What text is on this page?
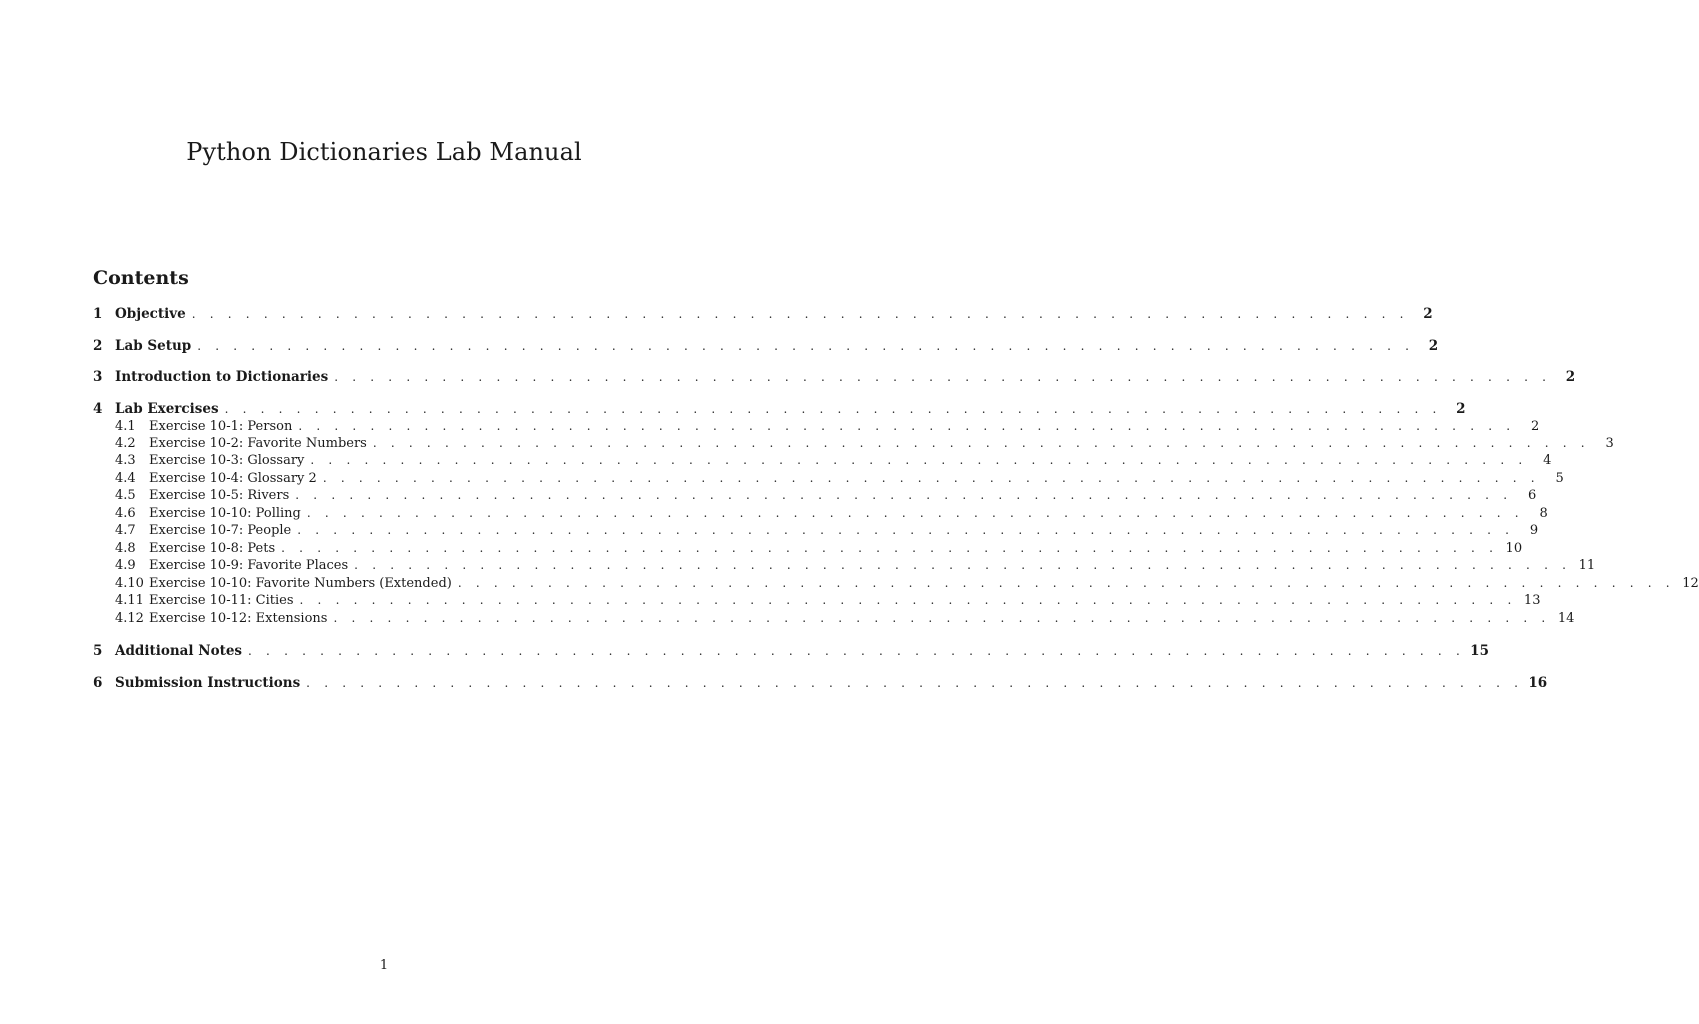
Python Dictionaries Lab Manual
Contents
1 Objective . . . . . . . . . . . . . . . . . . . . . . . . . . . . . . . . . . . . . . . . . . . . . . . . . . . . . . . . . . . . . . . . . . . .	2
2 Lab Setup . . . . . . . . . . . . . . . . . . . . . . . . . . . . . . . . . . . . . . . . . . . . . . . . . . . . . . . . . . . . . . . . . . . .	2
3 Introduction to Dictionaries . . . . . . . . . . . . . . . . . . . . . . . . . . . . . . . . . . . . . . . . . . . . . . . . . . . . . . . . . . . . . . . . . . . .	2
4 Lab Exercises . . . . . . . . . . . . . . . . . . . . . . . . . . . . . . . . . . . . . . . . . . . . . . . . . . . . . . . . . . . . . . . . . . . .	2
4.1	Exercise 10-1: Person . . . . . . . . . . . . . . . . . . . . . . . . . . . . . . . . . . . . . . . . . . . . . . . . . . . . . . . . . . . . . . . . . . . .	2
4.2	Exercise 10-2: Favorite Numbers . . . . . . . . . . . . . . . . . . . . . . . . . . . . . . . . . . . . . . . . . . . . . . . . . . . . . . . . . . . . . . . . . . . .	3
4.3	Exercise 10-3: Glossary . . . . . . . . . . . . . . . . . . . . . . . . . . . . . . . . . . . . . . . . . . . . . . . . . . . . . . . . . . . . . . . . . . . .	4
4.4	Exercise 10-4: Glossary 2 . . . . . . . . . . . . . . . . . . . . . . . . . . . . . . . . . . . . . . . . . . . . . . . . . . . . . . . . . . . . . . . . . . . .	5
4.5	Exercise 10-5: Rivers . . . . . . . . . . . . . . . . . . . . . . . . . . . . . . . . . . . . . . . . . . . . . . . . . . . . . . . . . . . . . . . . . . . .	6
4.6	Exercise 10-10: Polling . . . . . . . . . . . . . . . . . . . . . . . . . . . . . . . . . . . . . . . . . . . . . . . . . . . . . . . . . . . . . . . . . . . .	8
4.7	Exercise 10-7: People . . . . . . . . . . . . . . . . . . . . . . . . . . . . . . . . . . . . . . . . . . . . . . . . . . . . . . . . . . . . . . . . . . . .	9
4.8	Exercise 10-8: Pets . . . . . . . . . . . . . . . . . . . . . . . . . . . . . . . . . . . . . . . . . . . . . . . . . . . . . . . . . . . . . . . . . . . . 10
4.9	Exercise 10-9: Favorite Places . . . . . . . . . . . . . . . . . . . . . . . . . . . . . . . . . . . . . . . . . . . . . . . . . . . . . . . . . . . . . . . . . . . . 11
4.10 Exercise 10-10: Favorite Numbers (Extended) . . . . . . . . . . . . . . . . . . . . . . . . . . . . . . . . . . . . . . . . . . . . . . . . . . . . . . . . . . . . . . . . . . . . 12
4.11 Exercise 10-11: Cities . . . . . . . . . . . . . . . . . . . . . . . . . . . . . . . . . . . . . . . . . . . . . . . . . . . . . . . . . . . . . . . . . . . . 13
4.12 Exercise 10-12: Extensions . . . . . . . . . . . . . . . . . . . . . . . . . . . . . . . . . . . . . . . . . . . . . . . . . . . . . . . . . . . . . . . . . . . . 14
5 Additional Notes . . . . . . . . . . . . . . . . . . . . . . . . . . . . . . . . . . . . . . . . . . . . . . . . . . . . . . . . . . . . . . . . . . . . 15
6 Submission Instructions . . . . . . . . . . . . . . . . . . . . . . . . . . . . . . . . . . . . . . . . . . . . . . . . . . . . . . . . . . . . . . . . . . . . 16
1
